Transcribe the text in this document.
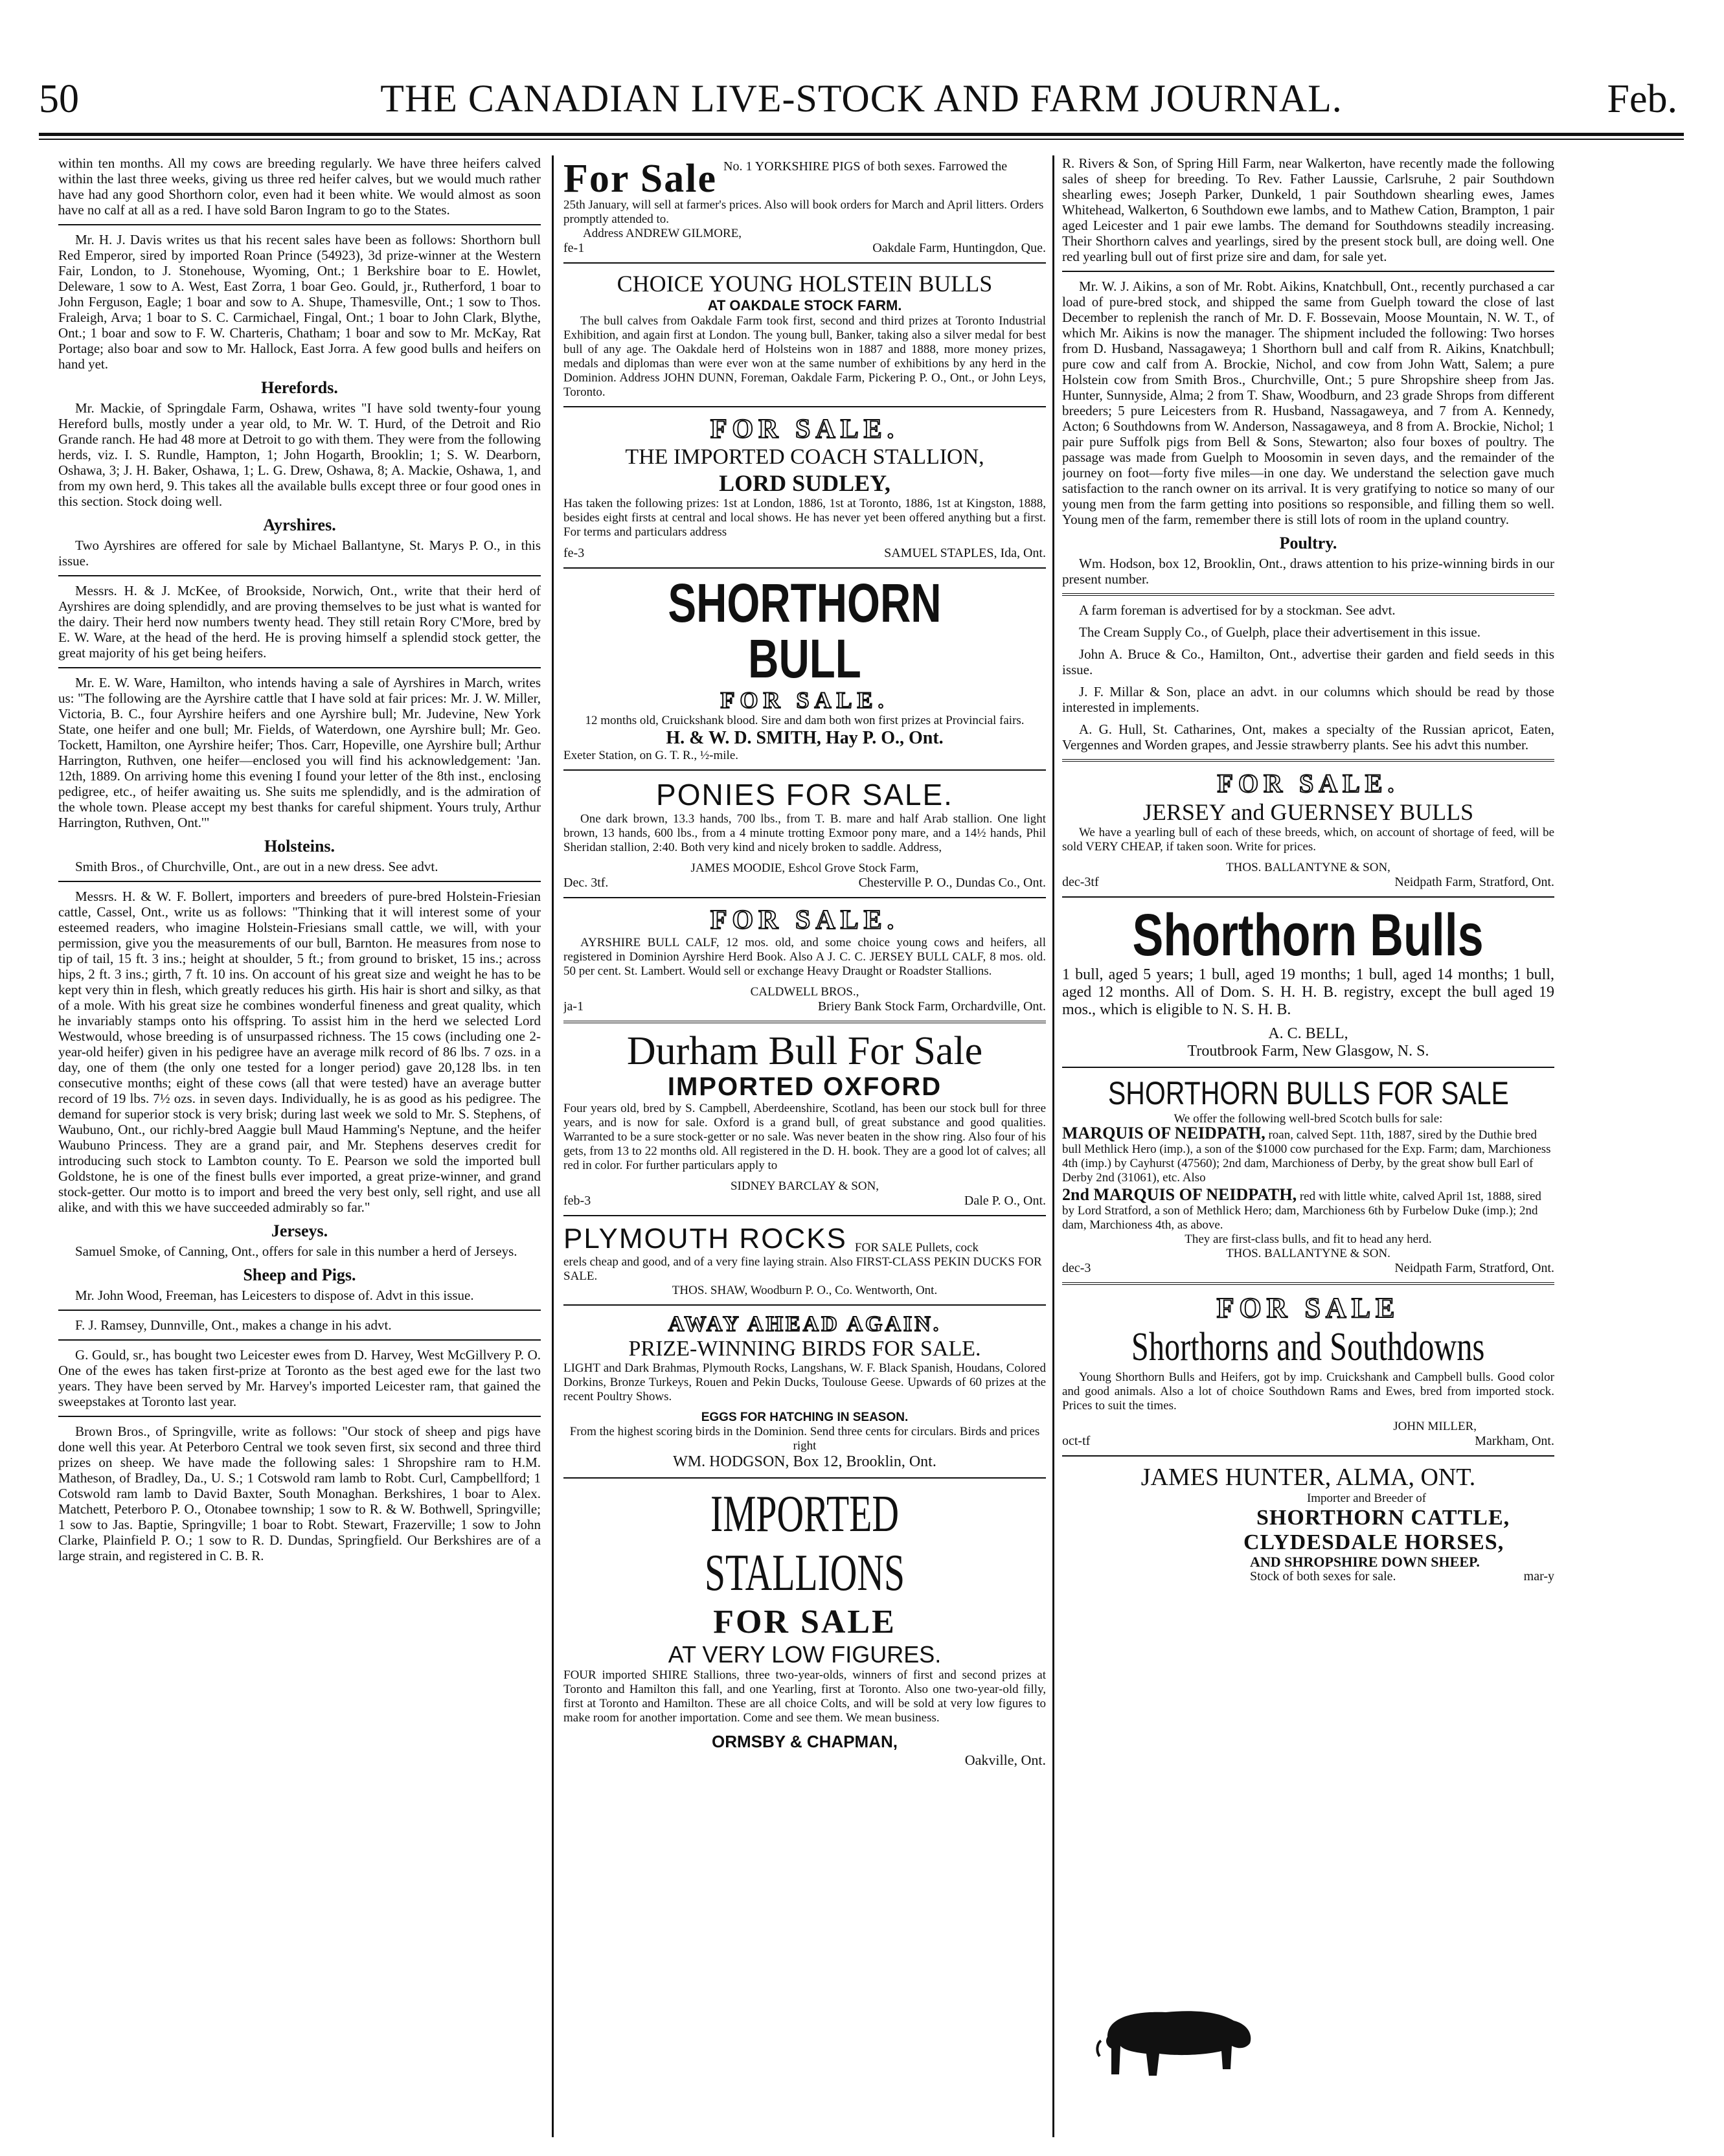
50	THE CANADIAN LIVE-STOCK AND FARM JOURNAL.	Feb.

within ten months. All my cows are breeding regularly. We have three heifers calved within the last three weeks, giving us three red heifer calves, but we would much rather have had any good Shorthorn color, even had it been white. We would almost as soon have no calf at all as a red. I have sold Baron Ingram to go to the States.

Mr. H. J. Davis writes us that his recent sales have been as follows: Shorthorn bull Red Emperor, sired by imported Roan Prince (54923), 3d prize-winner at the Western Fair, London, to J. Stonehouse, Wyoming, Ont.; 1 Berkshire boar to E. Howlet, Deleware, 1 sow to A. West, East Zorra, 1 boar Geo. Gould, jr., Rutherford, 1 boar to John Ferguson, Eagle; 1 boar and sow to A. Shupe, Thamesville, Ont.; 1 sow to Thos. Fraleigh, Arva; 1 boar to S. C. Carmichael, Fingal, Ont.; 1 boar to John Clark, Blythe, Ont.; 1 boar and sow to F. W. Charteris, Chatham; 1 boar and sow to Mr. McKay, Rat Portage; also boar and sow to Mr. Hallock, East Jorra. A few good bulls and heifers on hand yet.

Herefords.

Mr. Mackie, of Springdale Farm, Oshawa, writes "I have sold twenty-four young Hereford bulls, mostly under a year old, to Mr. W. T. Hurd, of the Detroit and Rio Grande ranch. He had 48 more at Detroit to go with them. They were from the following herds, viz. I. S. Rundle, Hampton, 1; John Hogarth, Brooklin; 1; S. W. Dearborn, Oshawa, 3; J. H. Baker, Oshawa, 1; L. G. Drew, Oshawa, 8; A. Mackie, Oshawa, 1, and from my own herd, 9. This takes all the available bulls except three or four good ones in this section. Stock doing well.

Ayrshires.

Two Ayrshires are offered for sale by Michael Ballantyne, St. Marys P. O., in this issue.

Messrs. H. & J. McKee, of Brookside, Norwich, Ont., write that their herd of Ayrshires are doing splendidly, and are proving themselves to be just what is wanted for the dairy. Their herd now numbers twenty head. They still retain Rory C'More, bred by E. W. Ware, at the head of the herd. He is proving himself a splendid stock getter, the great majority of his get being heifers.

Mr. E. W. Ware, Hamilton, who intends having a sale of Ayrshires in March, writes us: "The following are the Ayrshire cattle that I have sold at fair prices: Mr. J. W. Miller, Victoria, B. C., four Ayrshire heifers and one Ayrshire bull; Mr. Judevine, New York State, one heifer and one bull; Mr. Fields, of Waterdown, one Ayrshire bull; Mr. Geo. Tockett, Hamilton, one Ayrshire heifer; Thos. Carr, Hopeville, one Ayrshire bull; Arthur Harrington, Ruthven, one heifer—enclosed you will find his acknowledgement: 'Jan. 12th, 1889. On arriving home this evening I found your letter of the 8th inst., enclosing pedigree, etc., of heifer awaiting us. She suits me splendidly, and is the admiration of the whole town. Please accept my best thanks for careful shipment. Yours truly, Arthur Harrington, Ruthven, Ont.'"

Holsteins.

Smith Bros., of Churchville, Ont., are out in a new dress. See advt.

Messrs. H. & W. F. Bollert, importers and breeders of pure-bred Holstein-Friesian cattle, Cassel, Ont., write us as follows: "Thinking that it will interest some of your esteemed readers, who imagine Holstein-Friesians small cattle, we will, with your permission, give you the measurements of our bull, Barnton. He measures from nose to tip of tail, 15 ft. 3 ins.; height at shoulder, 5 ft.; from ground to brisket, 15 ins.; across hips, 2 ft. 3 ins.; girth, 7 ft. 10 ins. On account of his great size and weight he has to be kept very thin in flesh, which greatly reduces his girth. His hair is short and silky, as that of a mole. With his great size he combines wonderful fineness and great quality, which he invariably stamps onto his offspring. To assist him in the herd we selected Lord Westwould, whose breeding is of unsurpassed richness. The 15 cows (including one 2-year-old heifer) given in his pedigree have an average milk record of 86 lbs. 7 ozs. in a day, one of them (the only one tested for a longer period) gave 20,128 lbs. in ten consecutive months; eight of these cows (all that were tested) have an average butter record of 19 lbs. 7½ ozs. in seven days. Individually, he is as good as his pedigree. The demand for superior stock is very brisk; during last week we sold to Mr. S. Stephens, of Waubuno, Ont., our richly-bred Aaggie bull Maud Hamming's Neptune, and the heifer Waubuno Princess. They are a grand pair, and Mr. Stephens deserves credit for introducing such stock to Lambton county. To E. Pearson we sold the imported bull Goldstone, he is one of the finest bulls ever imported, a great prize-winner, and grand stock-getter. Our motto is to import and breed the very best only, sell right, and use all alike, and with this we have succeeded admirably so far."

Jerseys.

Samuel Smoke, of Canning, Ont., offers for sale in this number a herd of Jerseys.

Sheep and Pigs.

Mr. John Wood, Freeman, has Leicesters to dispose of. Advt in this issue.

F. J. Ramsey, Dunnville, Ont., makes a change in his advt.

G. Gould, sr., has bought two Leicester ewes from D. Harvey, West McGillvery P. O. One of the ewes has taken first-prize at Toronto as the best aged ewe for the last two years. They have been served by Mr. Harvey's imported Leicester ram, that gained the sweepstakes at Toronto last year.

Brown Bros., of Springville, write as follows: "Our stock of sheep and pigs have done well this year. At Peterboro Central we took seven first, six second and three third prizes on sheep. We have made the following sales: 1 Shropshire ram to H.M. Matheson, of Bradley, Da., U. S.; 1 Cotswold ram lamb to Robt. Curl, Campbellford; 1 Cotswold ram lamb to David Baxter, South Monaghan. Berkshires, 1 boar to Alex. Matchett, Peterboro P. O., Otonabee township; 1 sow to R. & W. Bothwell, Springville; 1 sow to Jas. Baptie, Springville; 1 boar to Robt. Stewart, Frazerville; 1 sow to John Clarke, Plainfield P. O.; 1 sow to R. D. Dundas, Springfield. Our Berkshires are of a large strain, and registered in C. B. R.

For Sale No. 1 YORKSHIRE PIGS of both sexes. Farrowed the
25th January, will sell at farmer's prices. Also will book orders for March and April litters. Orders promptly attended to.
Address ANDREW GILMORE,
fe-1	Oakdale Farm, Huntingdon, Que.
CHOICE YOUNG HOLSTEIN BULLS
AT OAKDALE STOCK FARM.

The bull calves from Oakdale Farm took first, second and third prizes at Toronto Industrial Exhibition, and again first at London. The young bull, Banker, taking also a silver medal for best bull of any age. The Oakdale herd of Holsteins won in 1887 and 1888, more money prizes, medals and diplomas than were ever won at the same number of exhibitions by any herd in the Dominion. Address JOHN DUNN, Foreman, Oakdale Farm, Pickering P. O., Ont., or John Leys, Toronto.

FOR SALE.
THE IMPORTED COACH STALLION,
LORD SUDLEY,

Has taken the following prizes: 1st at London, 1886, 1st at Toronto, 1886, 1st at Kingston, 1888, besides eight firsts at central and local shows. He has never yet been offered anything but a first. For terms and particulars address

fe-3	SAMUEL STAPLES, Ida, Ont.
SHORTHORN BULL
FOR SALE.
12 months old, Cruickshank blood. Sire and dam both won first prizes at Provincial fairs.
H. & W. D. SMITH, Hay P. O., Ont.
Exeter Station, on G. T. R., ½-mile.
PONIES FOR SALE.

One dark brown, 13.3 hands, 700 lbs., from T. B. mare and half Arab stallion. One light brown, 13 hands, 600 lbs., from a 4 minute trotting Exmoor pony mare, and a 14½ hands, Phil Sheridan stallion, 2:40. Both very kind and nicely broken to saddle. Address,

JAMES MOODIE, Eshcol Grove Stock Farm,
Dec. 3tf.	Chesterville P. O., Dundas Co., Ont.
FOR SALE.

AYRSHIRE BULL CALF, 12 mos. old, and some choice young cows and heifers, all registered in Dominion Ayrshire Herd Book. Also A J. C. C. JERSEY BULL CALF, 8 mos. old. 50 per cent. St. Lambert. Would sell or exchange Heavy Draught or Roadster Stallions.

CALDWELL BROS.,
ja-1	Briery Bank Stock Farm, Orchardville, Ont.
Durham Bull For Sale
IMPORTED OXFORD

Four years old, bred by S. Campbell, Aberdeenshire, Scotland, has been our stock bull for three years, and is now for sale. Oxford is a grand bull, of great substance and good qualities. Warranted to be a sure stock-getter or no sale. Was never beaten in the show ring. Also four of his gets, from 13 to 22 months old. All registered in the D. H. book. They are a good lot of calves; all red in color. For further particulars apply to

SIDNEY BARCLAY & SON,
feb-3	Dale P. O., Ont.
PLYMOUTH ROCKS FOR SALE Pullets, cock
erels cheap and good, and of a very fine laying strain. Also FIRST-CLASS PEKIN DUCKS FOR SALE.
THOS. SHAW, Woodburn P. O., Co. Wentworth, Ont.
AWAY AHEAD AGAIN.
PRIZE-WINNING BIRDS FOR SALE.

LIGHT and Dark Brahmas, Plymouth Rocks, Langshans, W. F. Black Spanish, Houdans, Colored Dorkins, Bronze Turkeys, Rouen and Pekin Ducks, Toulouse Geese. Upwards of 60 prizes at the recent Poultry Shows.

EGGS FOR HATCHING IN SEASON.
From the highest scoring birds in the Dominion. Send three cents for circulars. Birds and prices right
WM. HODGSON, Box 12, Brooklin, Ont.
IMPORTED STALLIONS
FOR SALE
AT VERY LOW FIGURES.

FOUR imported SHIRE Stallions, three two-year-olds, winners of first and second prizes at Toronto and Hamilton this fall, and one Yearling, first at Toronto. Also one two-year-old filly, first at Toronto and Hamilton. These are all choice Colts, and will be sold at very low figures to make room for another importation. Come and see them. We mean business.

ORMSBY & CHAPMAN,
Oakville, Ont.

R. Rivers & Son, of Spring Hill Farm, near Walkerton, have recently made the following sales of sheep for breeding. To Rev. Father Laussie, Carlsruhe, 2 pair Southdown shearling ewes; Joseph Parker, Dunkeld, 1 pair Southdown shearling ewes, James Whitehead, Walkerton, 6 Southdown ewe lambs, and to Mathew Cation, Brampton, 1 pair aged Leicester and 1 pair ewe lambs. The demand for Southdowns steadily increasing. Their Shorthorn calves and yearlings, sired by the present stock bull, are doing well. One red yearling bull out of first prize sire and dam, for sale yet.

Mr. W. J. Aikins, a son of Mr. Robt. Aikins, Knatchbull, Ont., recently purchased a car load of pure-bred stock, and shipped the same from Guelph toward the close of last December to replenish the ranch of Mr. D. F. Bossevain, Moose Mountain, N. W. T., of which Mr. Aikins is now the manager. The shipment included the following: Two horses from D. Husband, Nassagaweya; 1 Shorthorn bull and calf from R. Aikins, Knatchbull; pure cow and calf from A. Brockie, Nichol, and cow from John Watt, Salem; a pure Holstein cow from Smith Bros., Churchville, Ont.; 5 pure Shropshire sheep from Jas. Hunter, Sunnyside, Alma; 2 from T. Shaw, Woodburn, and 23 grade Shrops from different breeders; 5 pure Leicesters from R. Husband, Nassagaweya, and 7 from A. Kennedy, Acton; 6 Southdowns from W. Anderson, Nassagaweya, and 8 from A. Brockie, Nichol; 1 pair pure Suffolk pigs from Bell & Sons, Stewarton; also four boxes of poultry. The passage was made from Guelph to Moosomin in seven days, and the remainder of the journey on foot—forty five miles—in one day. We understand the selection gave much satisfaction to the ranch owner on its arrival. It is very gratifying to notice so many of our young men from the farm getting into positions so responsible, and filling them so well. Young men of the farm, remember there is still lots of room in the upland country.

Poultry.

Wm. Hodson, box 12, Brooklin, Ont., draws attention to his prize-winning birds in our present number.

A farm foreman is advertised for by a stockman. See advt.

The Cream Supply Co., of Guelph, place their advertisement in this issue.

John A. Bruce & Co., Hamilton, Ont., advertise their garden and field seeds in this issue.

J. F. Millar & Son, place an advt. in our columns which should be read by those interested in implements.

A. G. Hull, St. Catharines, Ont, makes a specialty of the Russian apricot, Eaten, Vergennes and Worden grapes, and Jessie strawberry plants. See his advt this number.

FOR SALE.
JERSEY and GUERNSEY BULLS

We have a yearling bull of each of these breeds, which, on account of shortage of feed, will be sold VERY CHEAP, if taken soon. Write for prices.

THOS. BALLANTYNE & SON,
dec-3tf	Neidpath Farm, Stratford, Ont.
Shorthorn Bulls

1 bull, aged 5 years; 1 bull, aged 19 months; 1 bull, aged 14 months; 1 bull, aged 12 months. All of Dom. S. H. H. B. registry, except the bull aged 19 mos., which is eligible to N. S. H. B.

A. C. BELL,
Troutbrook Farm, New Glasgow, N. S.
SHORTHORN BULLS FOR SALE
We offer the following well-bred Scotch bulls for sale:
MARQUIS OF NEIDPATH, roan, calved Sept. 11th, 1887, sired by the Duthie bred bull Methlick Hero (imp.), a son of the $1000 cow purchased for the Exp. Farm; dam, Marchioness 4th (imp.) by Cayhurst (47560); 2nd dam, Marchioness of Derby, by the great show bull Earl of Derby 2nd (31061), etc. Also
2nd MARQUIS OF NEIDPATH, red with little white, calved April 1st, 1888, sired by Lord Stratford, a son of Methlick Hero; dam, Marchioness 6th by Furbelow Duke (imp.); 2nd dam, Marchioness 4th, as above.
They are first-class bulls, and fit to head any herd.
THOS. BALLANTYNE & SON.
dec-3	Neidpath Farm, Stratford, Ont.
FOR SALE
Shorthorns and Southdowns

Young Shorthorn Bulls and Heifers, got by imp. Cruickshank and Campbell bulls. Good color and good animals. Also a lot of choice Southdown Rams and Ewes, bred from imported stock. Prices to suit the times.

JOHN MILLER,
oct-tf	Markham, Ont.
JAMES HUNTER, ALMA, ONT.
Importer and Breeder of
SHORTHORN CATTLE,
CLYDESDALE HORSES,
AND SHROPSHIRE DOWN SHEEP.
Stock of both sexes for sale.	mar-y
